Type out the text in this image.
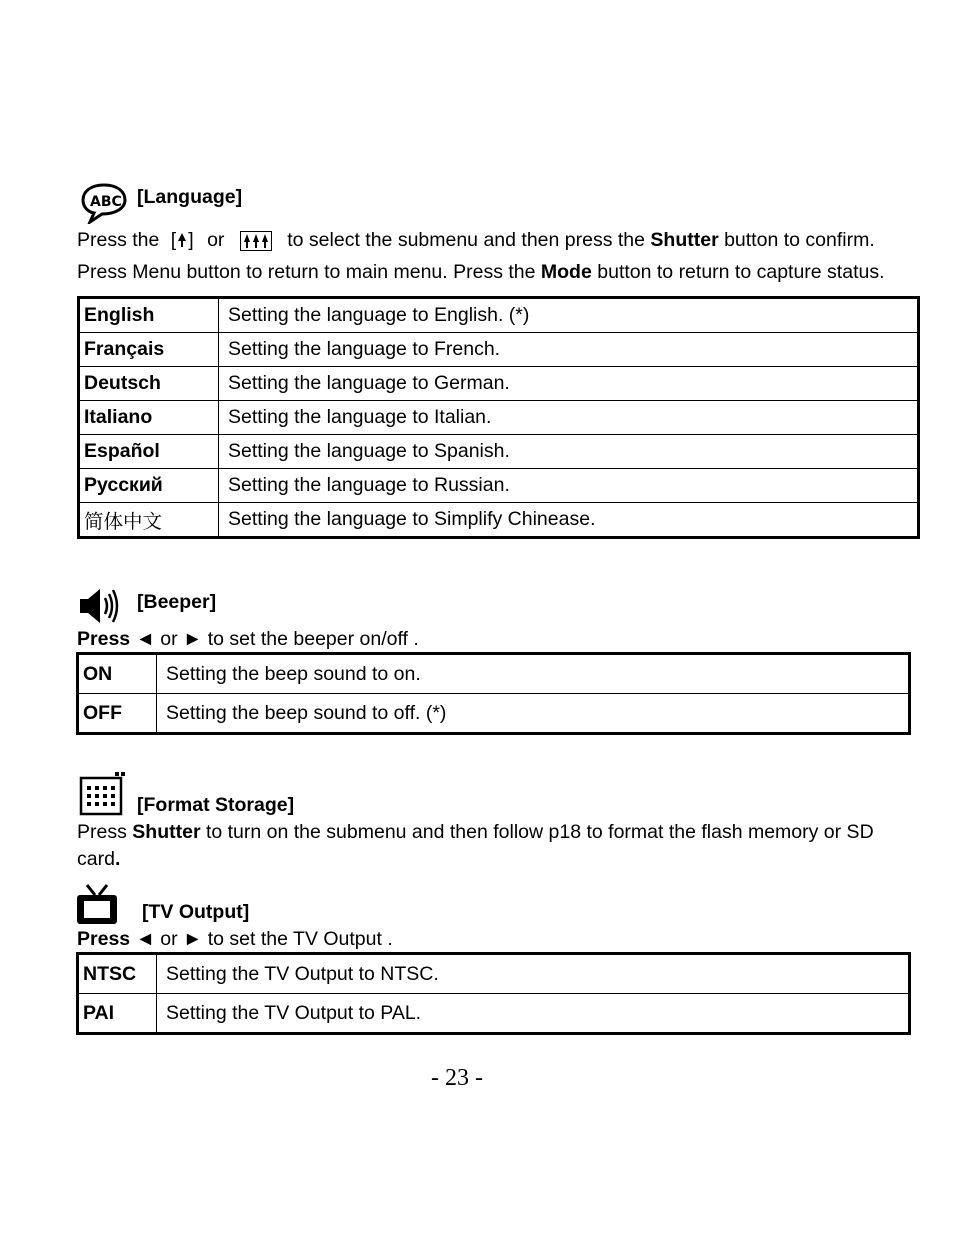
ABC [Language]
Press the [ ] or	to select the submenu and then press the Shutter button to confirm.
Press Menu button to return to main menu. Press the Mode button to return to capture status.
English	Setting the language to English. (*)
Français	Setting the language to French.
Deutsch	Setting the language to German.
Italiano	Setting the language to Italian.
Español	Setting the language to Spanish.
Русский	Setting the language to Russian.
简体中文	Setting the language to Simplify Chinease.
[Beeper]
Press ◄ or ► to set the beeper on/off .
ON	Setting the beep sound to on.
OFF	Setting the beep sound to off. (*)
[Format Storage]
Press Shutter to turn on the submenu and then follow p18 to format the flash memory or SD
card.
[TV Output]
Press ◄ or ► to set the TV Output .
NTSC	Setting the TV Output to NTSC.
PAI	Setting the TV Output to PAL.
- 23 -
